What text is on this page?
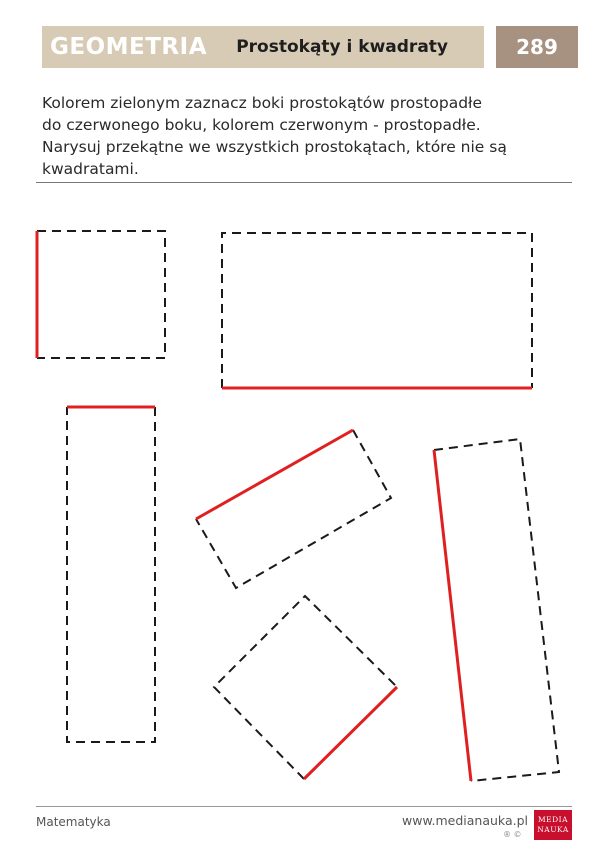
GEOMETRIA Prostokąty i kwadraty	289

Kolorem zielonym zaznacz boki prostokątów prostopadłe

do czerwonego boku, kolorem czerwonym - prostopadłe.

Narysuj przekątne we wszystkich prostokątach, które nie są

kwadratami.

Matematyka	www.medianauka.pl
® ©
MEDIA
NAUKA
